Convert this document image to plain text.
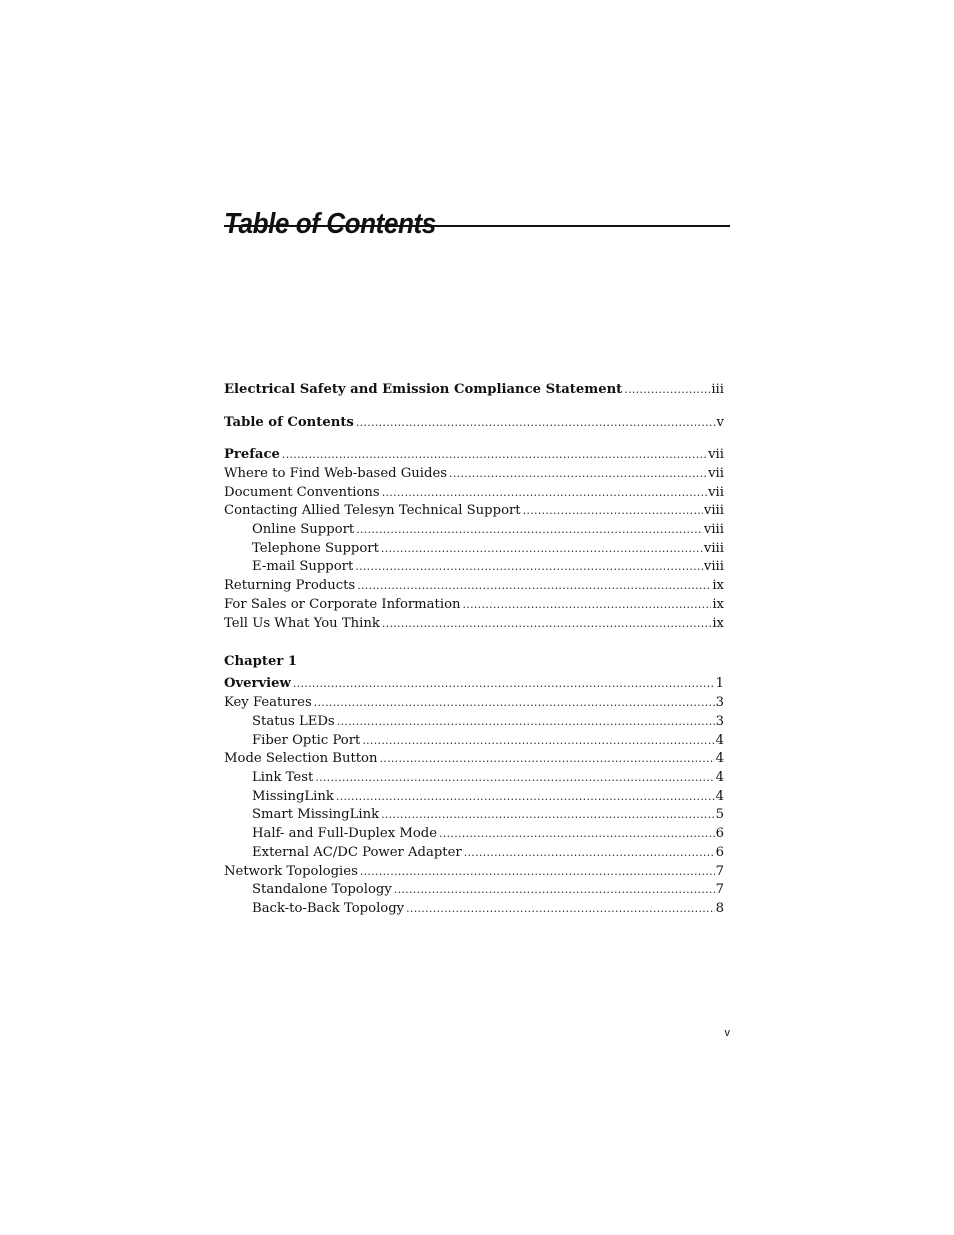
Table of Contents
Electrical Safety and Emission Compliance Statement .....	iii
Table of Contents .....	v
Preface .....	vii
Where to Find Web-based Guides .....	vii
Document Conventions .....	vii
Contacting Allied Telesyn Technical Support .....	viii
Online Support .....	viii
Telephone Support .....	viii
E-mail Support .....	viii
Returning Products .....	ix
For Sales or Corporate Information .....	ix
Tell Us What You Think .....	ix
Chapter 1
Overview .....	1
Key Features .....	3
Status LEDs .....	3
Fiber Optic Port .....	4
Mode Selection Button .....	4
Link Test .....	4
MissingLink .....	4
Smart MissingLink .....	5
Half- and Full-Duplex Mode .....	6
External AC/DC Power Adapter .....	6
Network Topologies .....	7
Standalone Topology .....	7
Back-to-Back Topology .....	8
v
